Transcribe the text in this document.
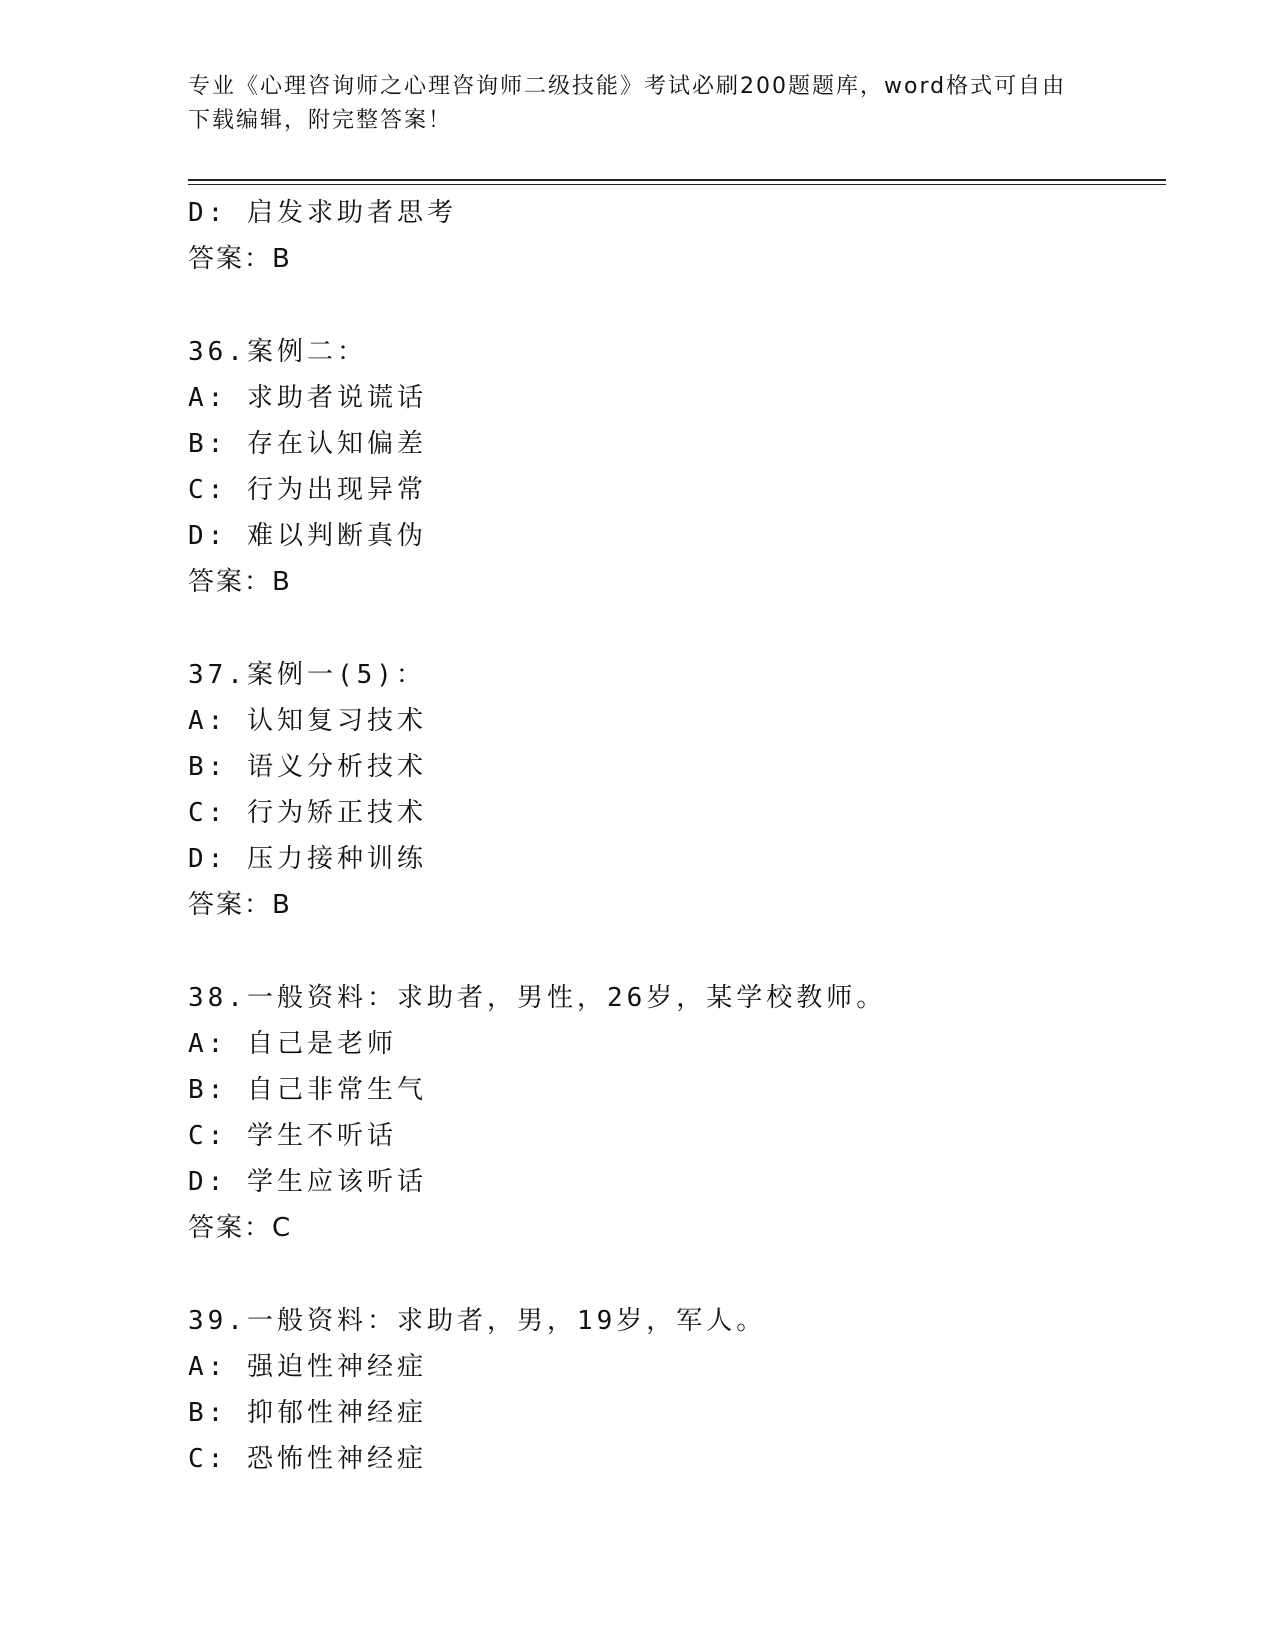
专业《心理咨询师之心理咨询师二级技能》考试必刷200题题库，word格式可自由下载编辑，附完整答案！
D: 启发求助者思考
答案：B
36.案例二：
A: 求助者说谎话
B: 存在认知偏差
C: 行为出现异常
D: 难以判断真伪
答案：B
37.案例一(5)：
A: 认知复习技术
B: 语义分析技术
C: 行为矫正技术
D: 压力接种训练
答案：B
38.一般资料：求助者，男性，26岁，某学校教师。
A: 自己是老师
B: 自己非常生气
C: 学生不听话
D: 学生应该听话
答案：C
39.一般资料：求助者，男，19岁，军人。
A: 强迫性神经症
B: 抑郁性神经症
C: 恐怖性神经症
